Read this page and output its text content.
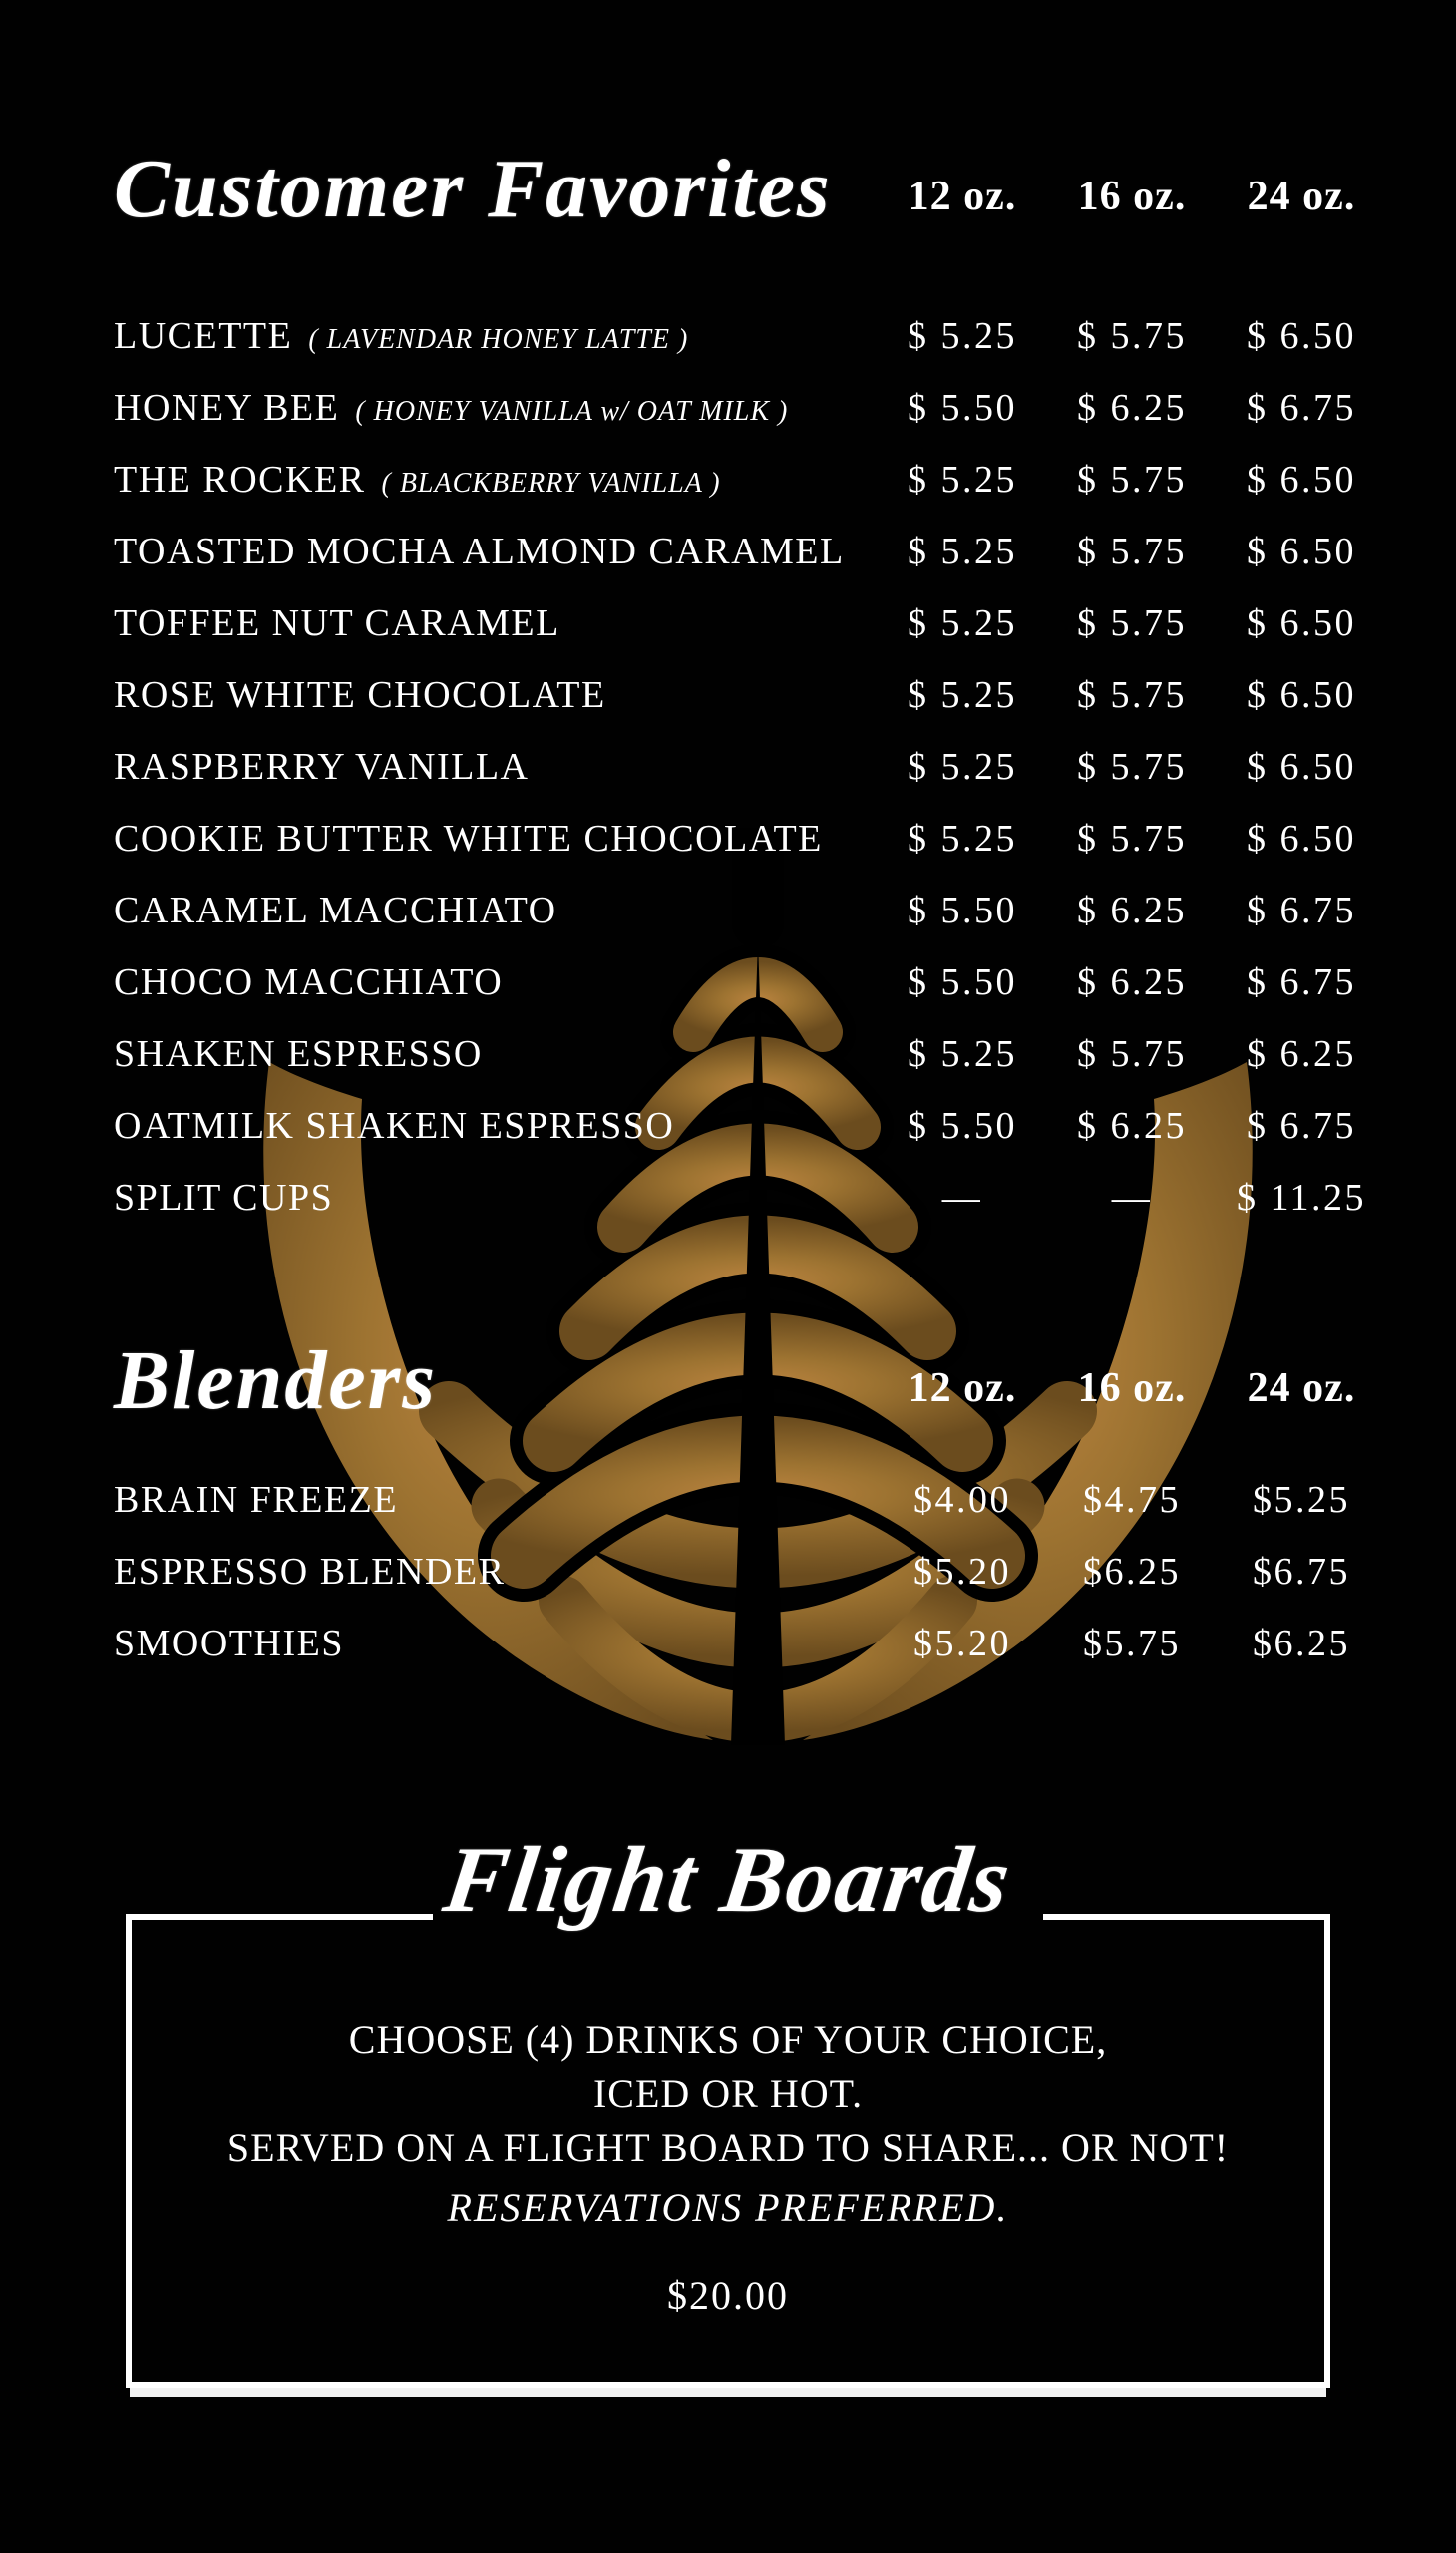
Customer Favorites	12 oz.	16 oz.	24 oz.
LUCETTE ( LAVENDAR HONEY LATTE )	$ 5.25	$ 5.75	$ 6.50
HONEY BEE ( HONEY VANILLA w/ OAT MILK )	$ 5.50	$ 6.25	$ 6.75
THE ROCKER ( BLACKBERRY VANILLA )	$ 5.25	$ 5.75	$ 6.50
TOASTED MOCHA ALMOND CARAMEL	$ 5.25	$ 5.75	$ 6.50
TOFFEE NUT CARAMEL	$ 5.25	$ 5.75	$ 6.50
ROSE WHITE CHOCOLATE	$ 5.25	$ 5.75	$ 6.50
RASPBERRY VANILLA	$ 5.25	$ 5.75	$ 6.50
COOKIE BUTTER WHITE CHOCOLATE	$ 5.25	$ 5.75	$ 6.50
CARAMEL MACCHIATO	$ 5.50	$ 6.25	$ 6.75
CHOCO MACCHIATO	$ 5.50	$ 6.25	$ 6.75
SHAKEN ESPRESSO	$ 5.25	$ 5.75	$ 6.25
OATMILK SHAKEN ESPRESSO	$ 5.50	$ 6.25	$ 6.75
SPLIT CUPS	—	—	$ 11.25
Blenders	12 oz.	16 oz.	24 oz.
BRAIN FREEZE	$4.00	$4.75	$5.25
ESPRESSO BLENDER	$5.20	$6.25	$6.75
SMOOTHIES	$5.20	$5.75	$6.25
Flight Boards

CHOOSE (4) DRINKS OF YOUR CHOICE,

ICED OR HOT.

SERVED ON A FLIGHT BOARD TO SHARE... OR NOT!

RESERVATIONS PREFERRED.

$20.00
